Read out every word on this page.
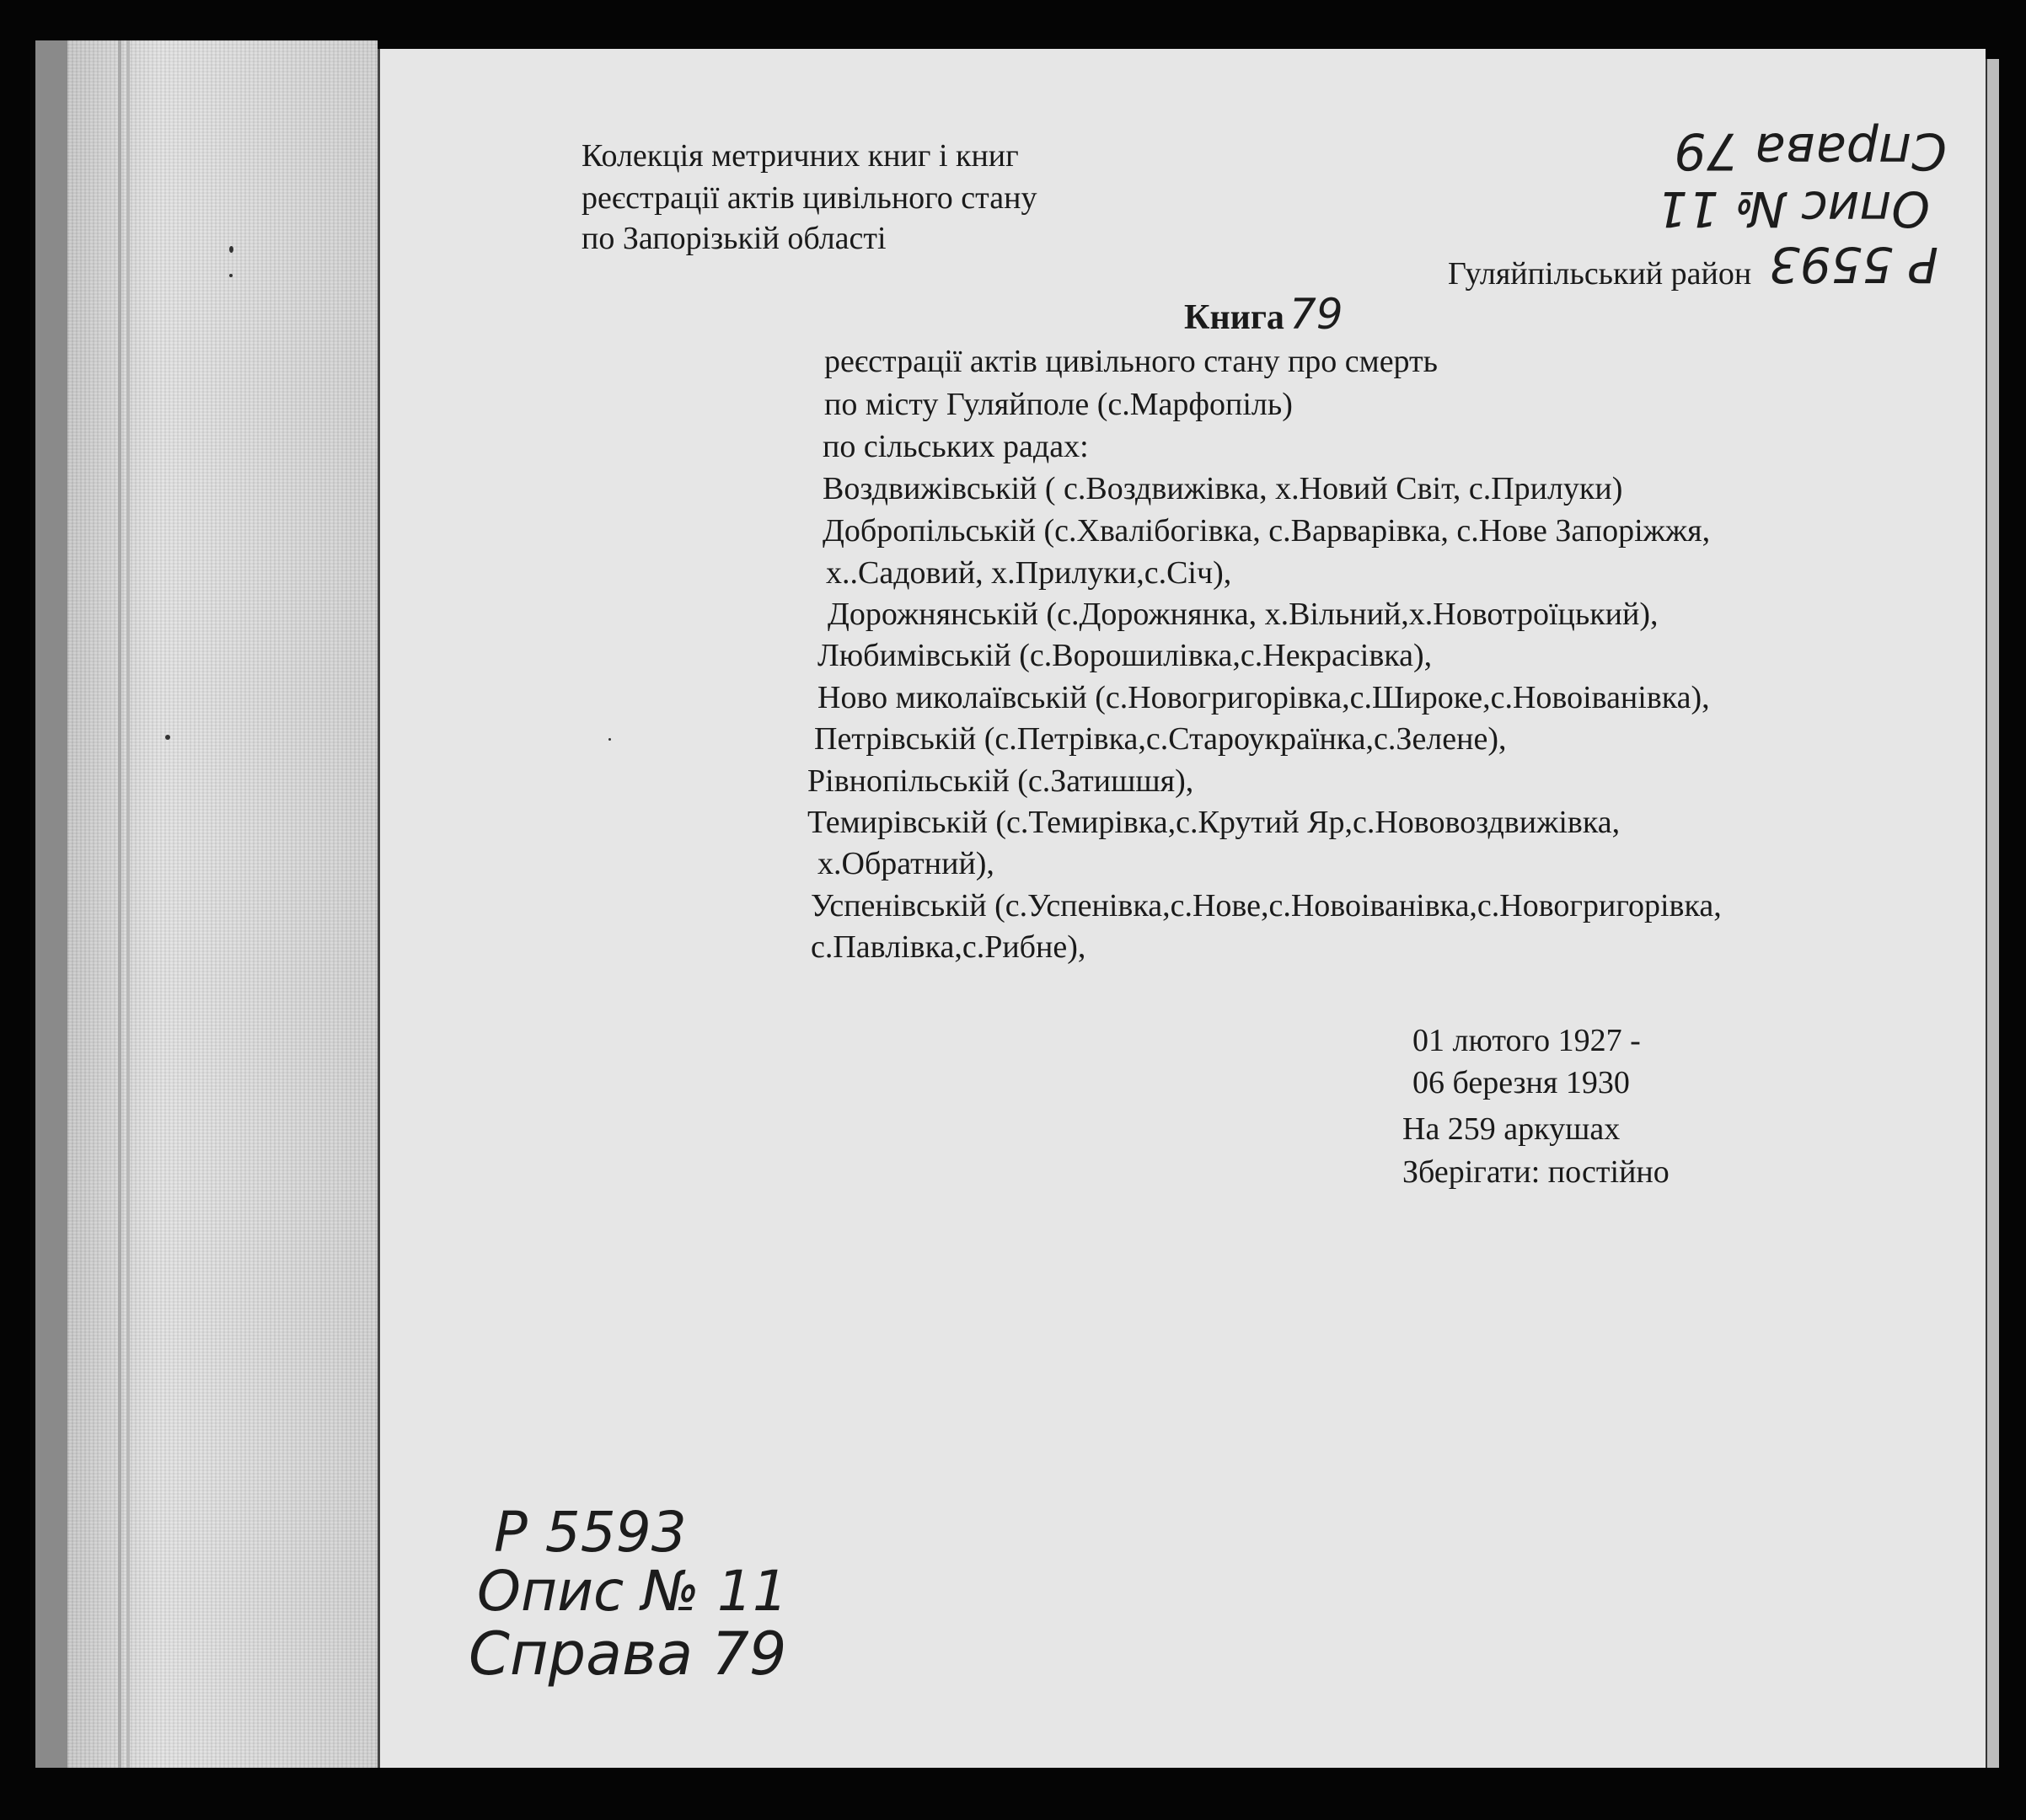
Колекція метричних книг і книг
реєстрації актів цивільного стану
по Запорізькій області
Гуляйпільський район
Книга 79
реєстрації актів цивільного стану про смерть
по місту Гуляйполе (с.Марфопіль)
по сільських радах:
Воздвижівській ( с.Воздвижівка, х.Новий Світ, с.Прилуки)
Добропільській (с.Хвалібогівка, с.Варварівка, с.Нове Запоріжжя,
х..Садовий, х.Прилуки,с.Січ),
Дорожнянській (с.Дорожнянка, х.Вільний,х.Новотроїцький),
Любимівській (с.Ворошилівка,с.Некрасівка),
Ново миколаївській (с.Новогригорівка,с.Широке,с.Новоіванівка),
Петрівській (с.Петрівка,с.Староукраїнка,с.Зелене),
Рівнопільській (с.Затишшя),
Темирівській (с.Темирівка,с.Крутий Яр,с.Нововоздвижівка,
х.Обратний),
Успенівській (с.Успенівка,с.Нове,с.Новоіванівка,с.Новогригорівка,
с.Павлівка,с.Рибне),
01 лютого 1927 -
06 березня 1930
На 259 аркушах
Зберігати: постійно
Р 5593
Опис № 11
Справа 79
Р 5593
Опис № 11
Справа 79
